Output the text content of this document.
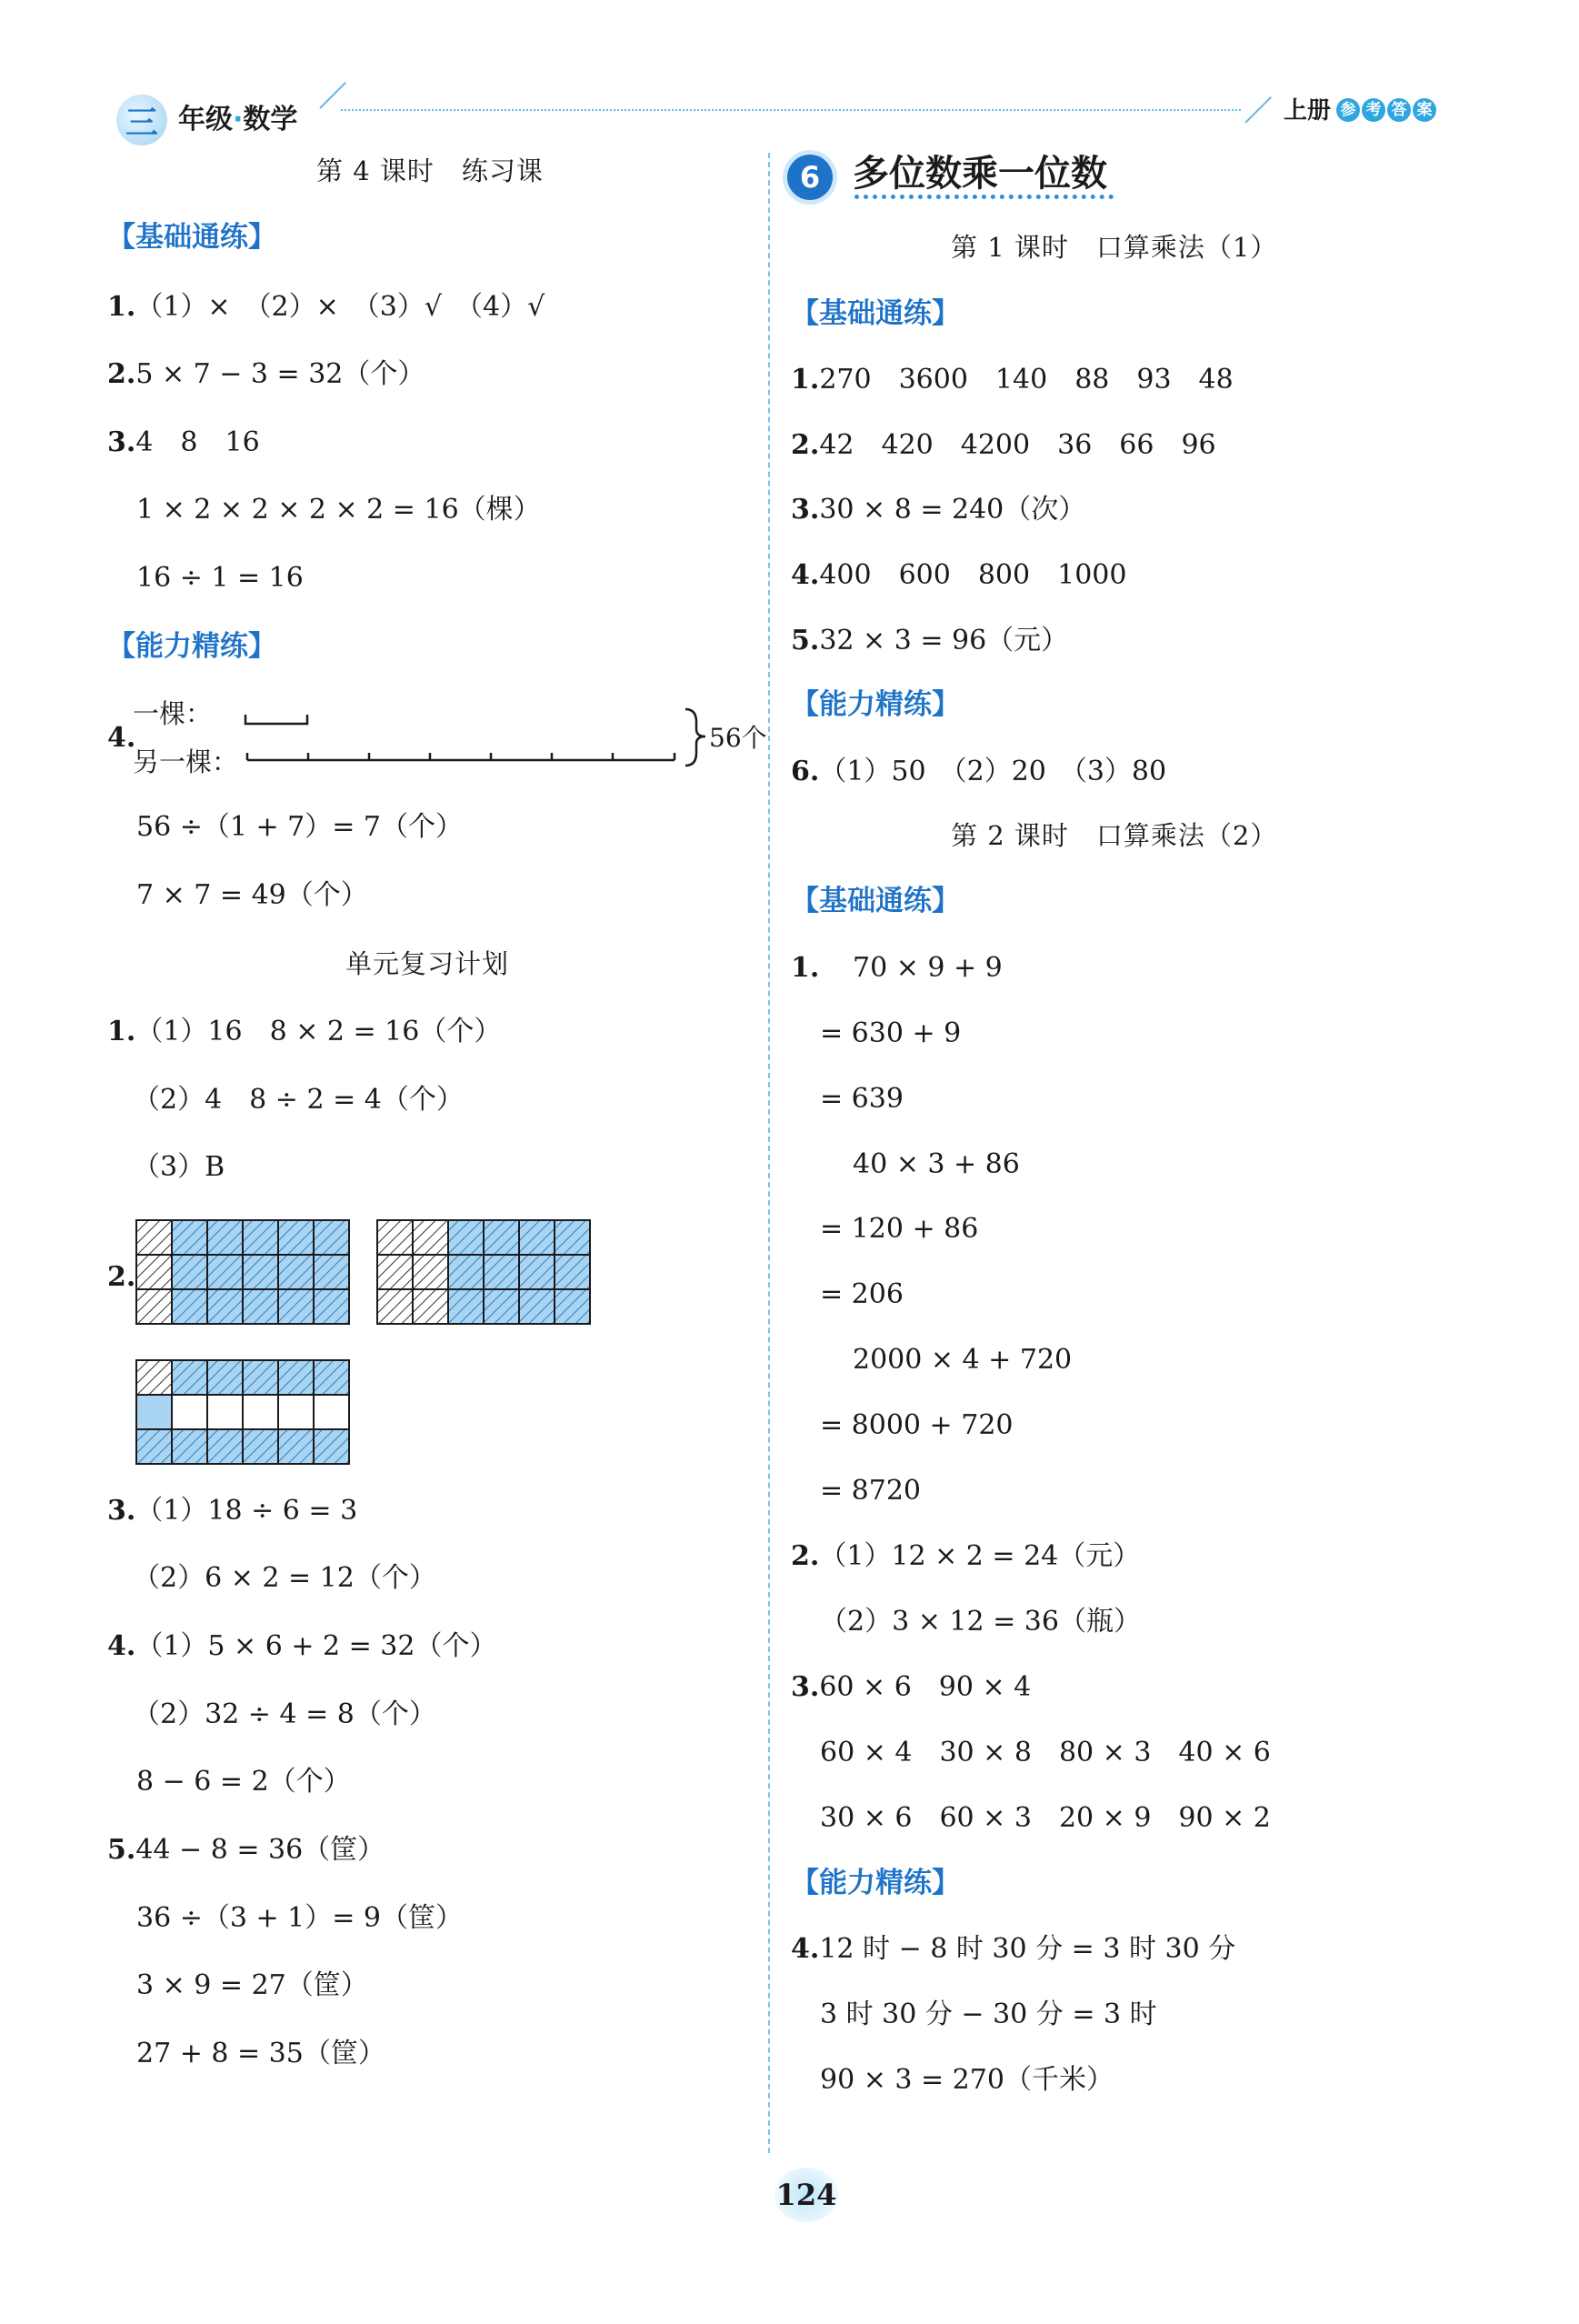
三 年级·数学	上册 参 考 答 案
第 4 课时　练习课
【基础通练】
1.（1）×　（2）×　（3）√　（4）√
2.5 × 7 − 3 = 32（个）
3.4　8　16
1 × 2 × 2 × 2 × 2 = 16（棵）
16 ÷ 1 = 16
【能力精练】
4.
一棵：
另一棵：
56个
56 ÷（1 + 7）= 7（个）
7 × 7 = 49（个）
单元复习计划
1.（1）16　8 × 2 = 16（个）
（2）4　8 ÷ 2 = 4（个）
（3）B
2.
3.（1）18 ÷ 6 = 3
（2）6 × 2 = 12（个）
4.（1）5 × 6 + 2 = 32（个）
（2）32 ÷ 4 = 8（个）
8 − 6 = 2（个）
5.44 − 8 = 36（筐）
36 ÷（3 + 1）= 9（筐）
3 × 9 = 27（筐）
27 + 8 = 35（筐）
6 多位数乘一位数
第 1 课时　口算乘法（1）
【基础通练】
1.270　3600　140　88　93　48
2.42　420　4200　36　66　96
3.30 × 8 = 240（次）
4.400　600　800　1000
5.32 × 3 = 96（元）
【能力精练】
6.（1）50　（2）20　（3）80
第 2 课时　口算乘法（2）
【基础通练】
1. 70 × 9 + 9
= 630 + 9
= 639
40 × 3 + 86
= 120 + 86
= 206
2000 × 4 + 720
= 8000 + 720
= 8720
2.（1）12 × 2 = 24（元）
（2）3 × 12 = 36（瓶）
3.60 × 6　90 × 4
60 × 4　30 × 8　80 × 3　40 × 6
30 × 6　60 × 3　20 × 9　90 × 2
【能力精练】
4.12 时 − 8 时 30 分 = 3 时 30 分
3 时 30 分 − 30 分 = 3 时
90 × 3 = 270（千米）
124
